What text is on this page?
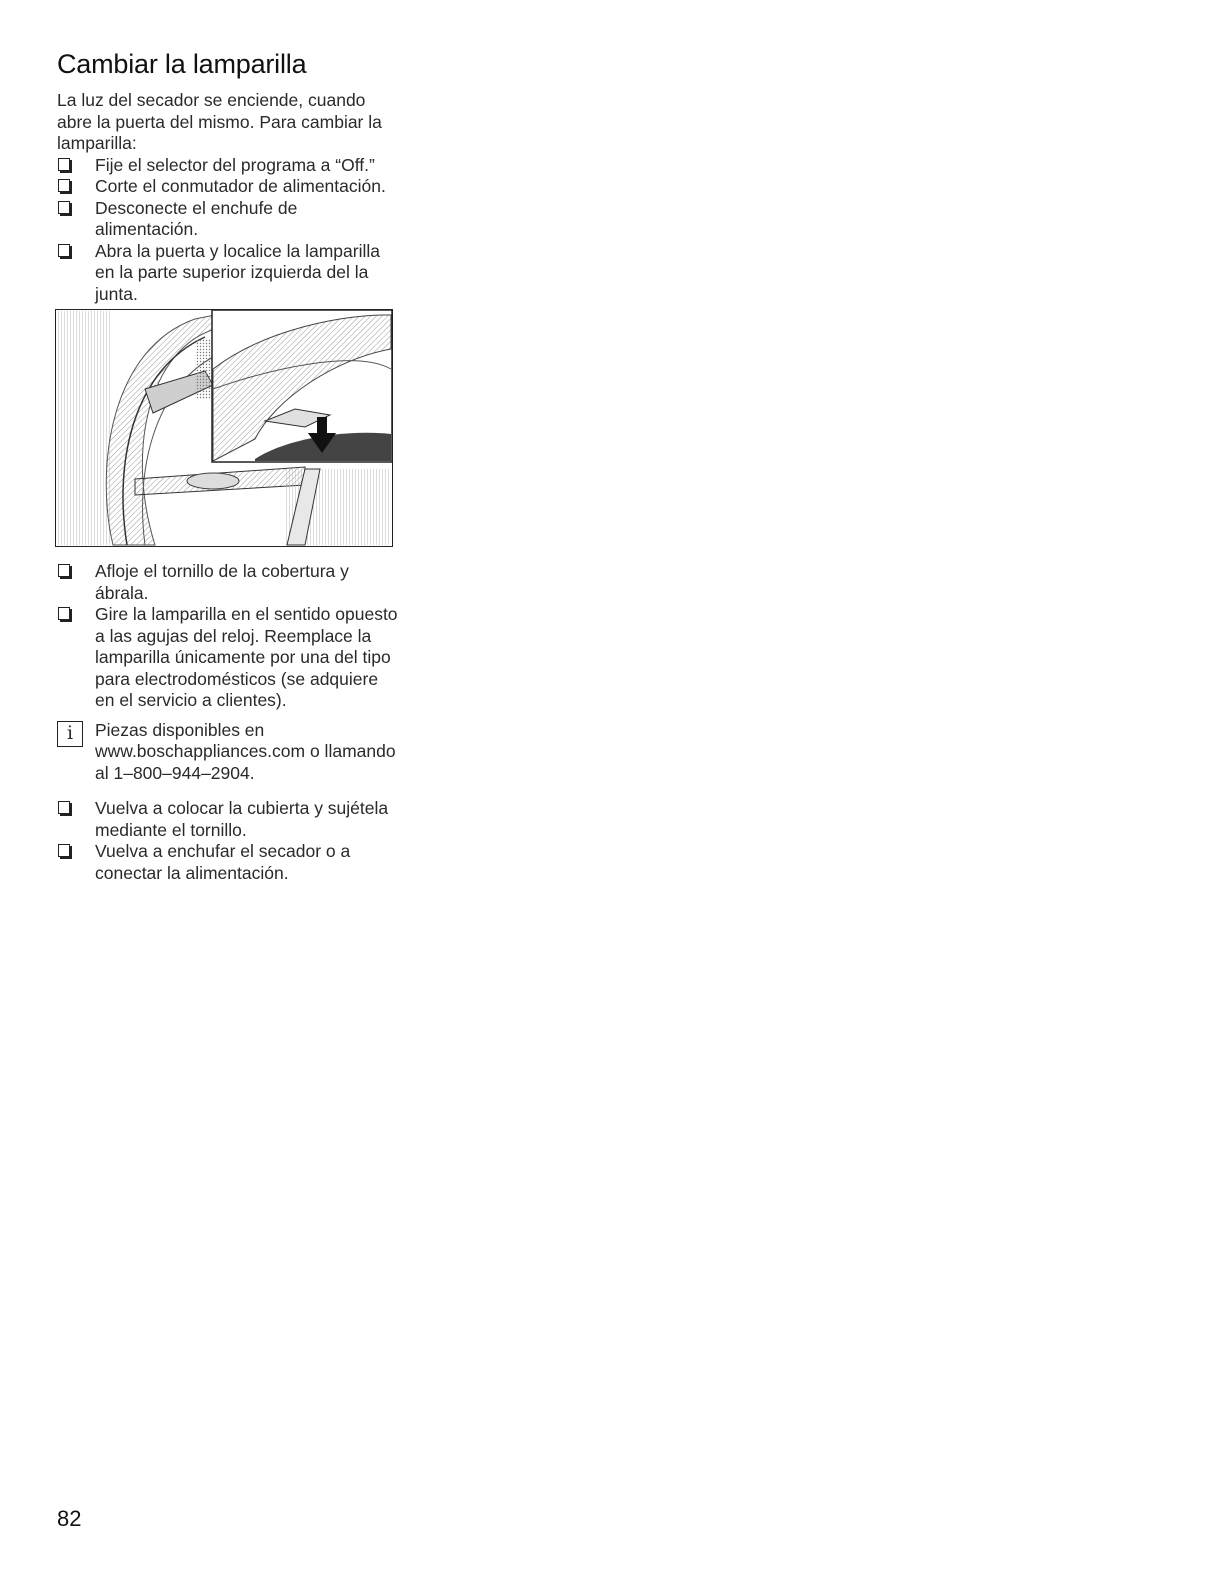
Cambiar la lamparilla

La luz del secador se enciende, cuando abre la puerta del mismo. Para cambiar la lamparilla:

Fije el selector del programa a “Off.”
Corte el conmutador de alimentación.
Desconecte el enchufe de alimentación.
Abra la puerta y localice la lamparilla en la parte superior izquierda del la junta.
Afloje el tornillo de la cobertura y ábrala.
Gire la lamparilla en el sentido opuesto a las agujas del reloj. Reemplace la lamparilla únicamente por una del tipo para electrodomésticos (se adquiere en el servicio a clientes).
i	Piezas disponibles en www.boschappliances.com o llamando al 1–800–944–2904.
Vuelva a colocar la cubierta y sujétela mediante el tornillo.
Vuelva a enchufar el secador o a conectar la alimentación.
82
